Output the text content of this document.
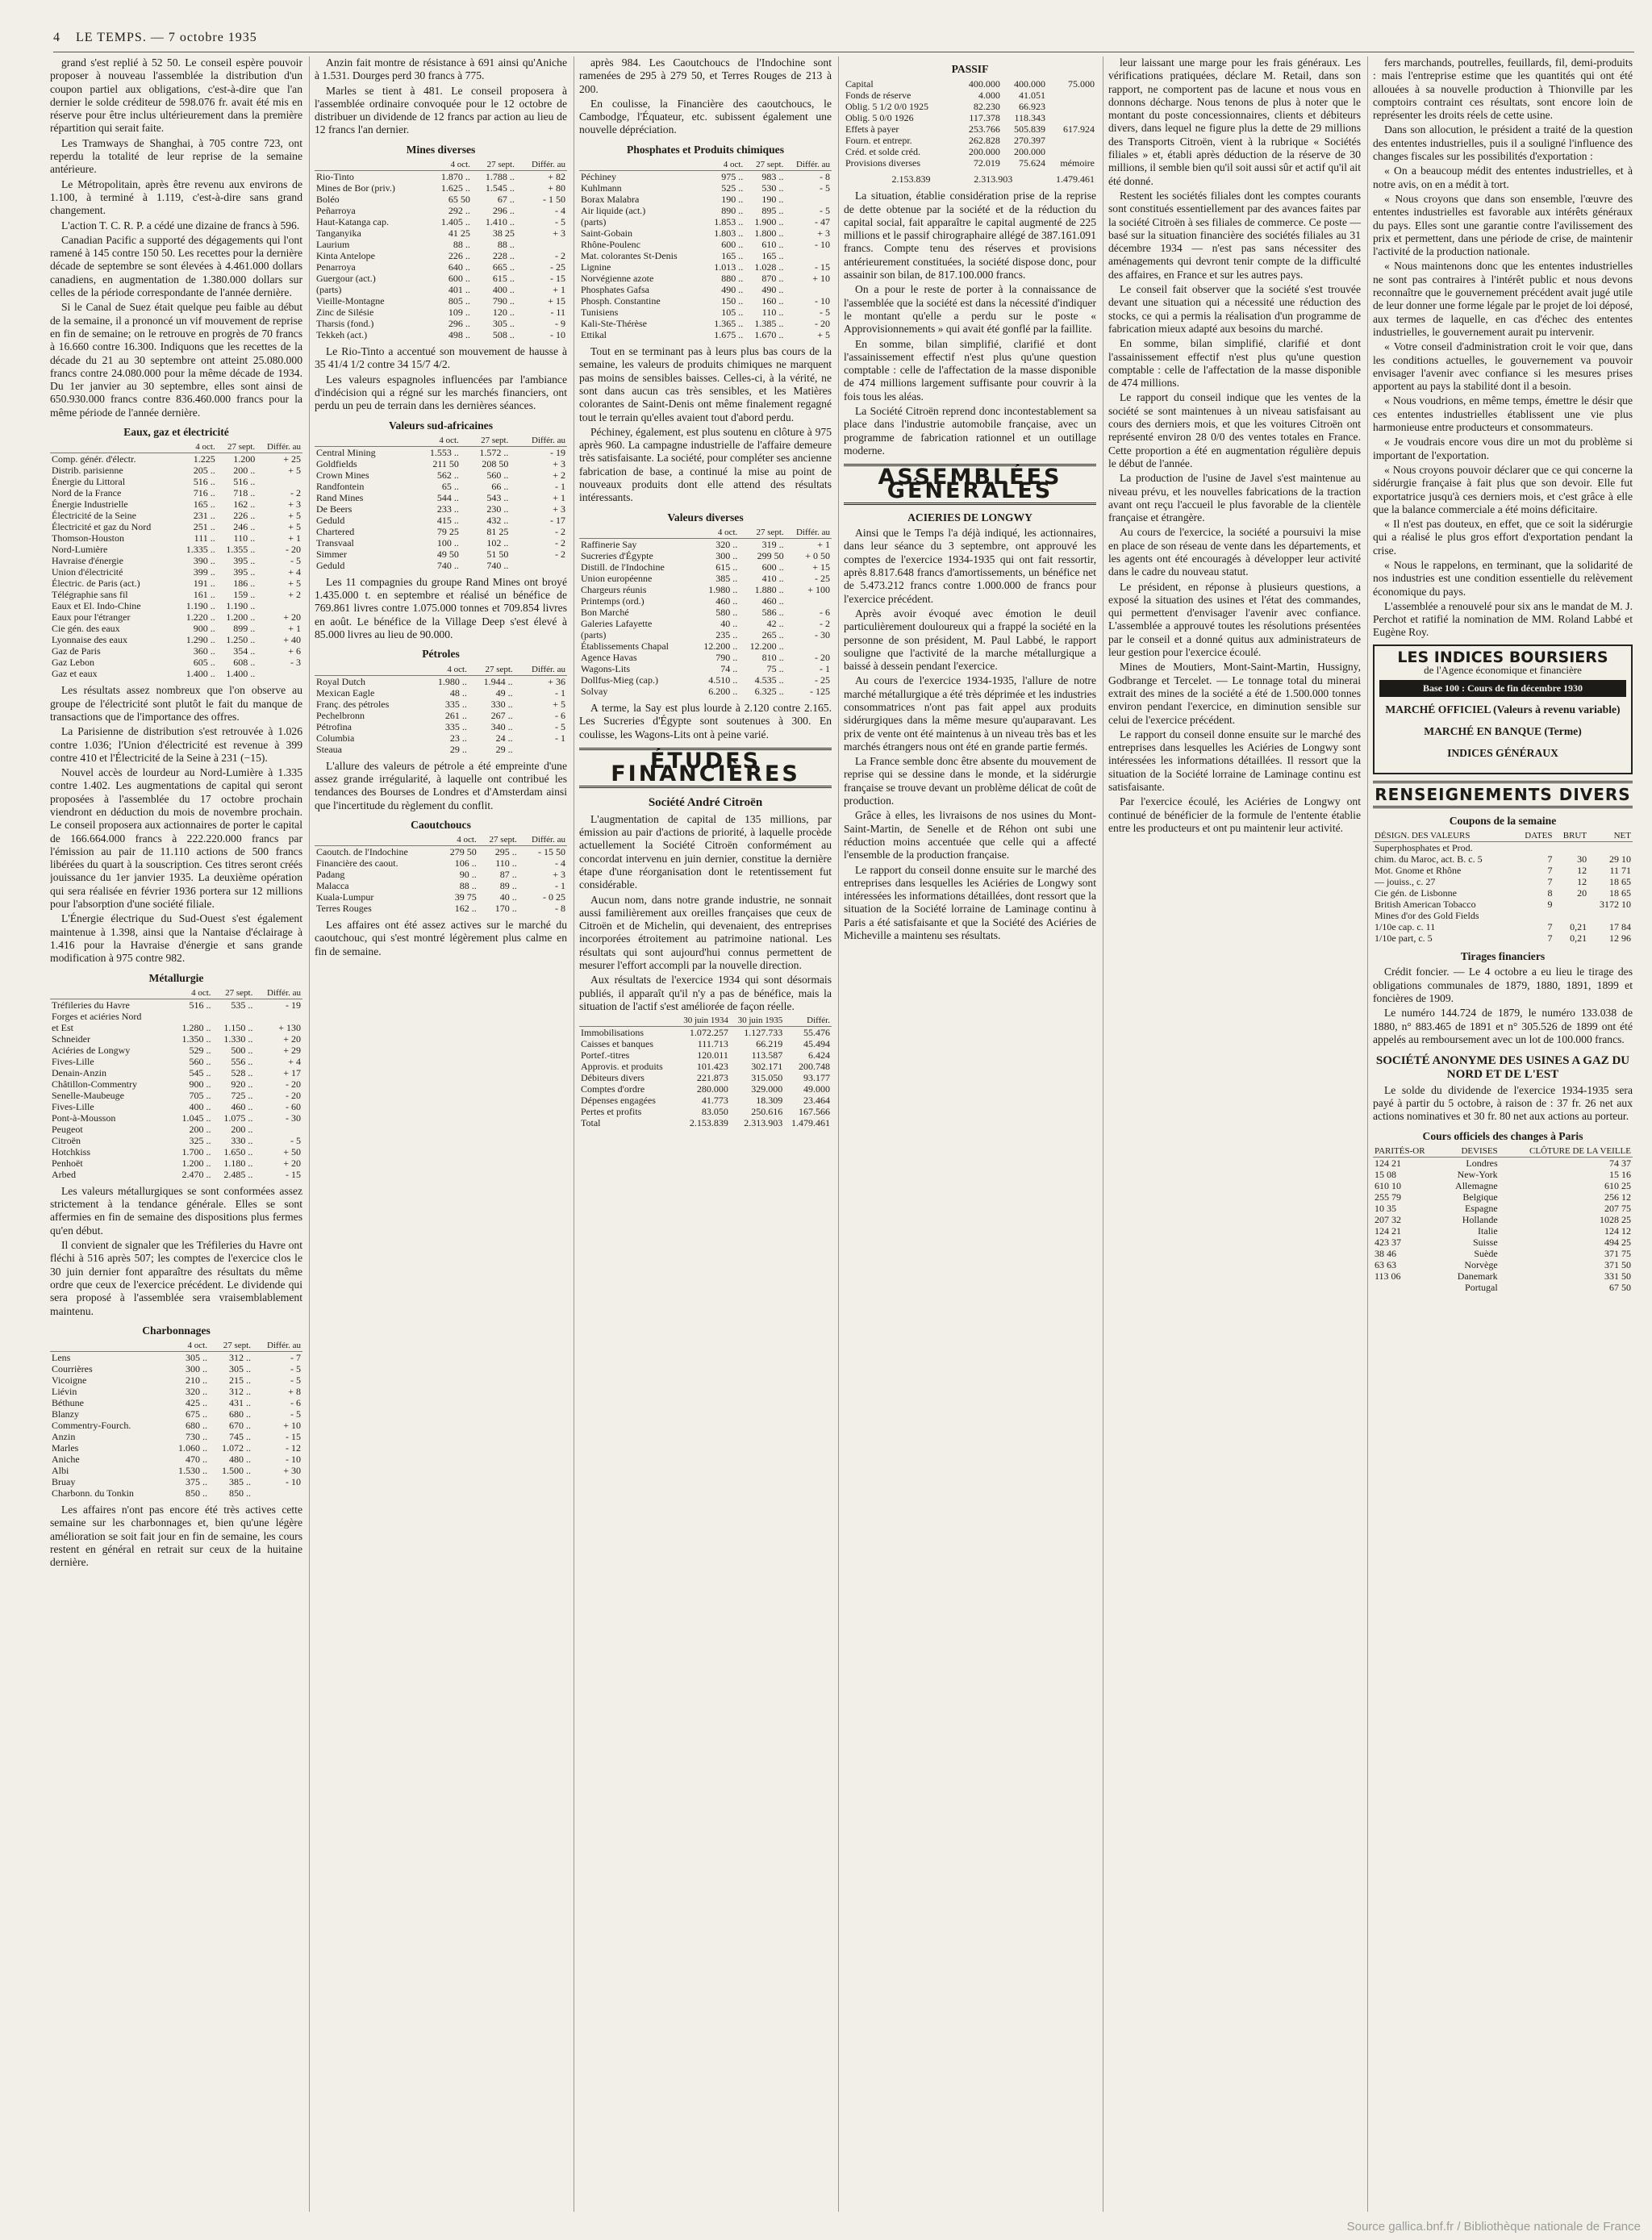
4 LE TEMPS. — 7 octobre 1935

grand s'est replié à 52 50. Le conseil espère pouvoir proposer à nouveau l'assemblée la distribution d'un coupon partiel aux obligations, c'est-à-dire que l'an dernier le solde créditeur de 598.076 fr. avait été mis en réserve pour être inclus ultérieurement dans la première répartition qui serait faite.

Les Tramways de Shanghai, à 705 contre 723, ont reperdu la totalité de leur reprise de la semaine antérieure.

Le Métropolitain, après être revenu aux environs de 1.100, à terminé à 1.119, c'est-à-dire sans grand changement.

L'action T. C. R. P. a cédé une dizaine de francs à 596.

Canadian Pacific a supporté des dégagements qui l'ont ramené à 145 contre 150 50. Les recettes pour la dernière décade de septembre se sont élevées à 4.461.000 dollars canadiens, en augmentation de 1.380.000 dollars sur celles de la période correspondante de l'année dernière.

Si le Canal de Suez était quelque peu faible au début de la semaine, il a prononcé un vif mouvement de reprise en fin de semaine; on le retrouve en progrès de 70 francs à 16.660 contre 16.300. Indiquons que les recettes de la décade du 21 au 30 septembre ont atteint 25.080.000 francs contre 24.080.000 pour la même décade de 1934. Du 1er janvier au 30 septembre, elles sont ainsi de 650.930.000 francs contre 836.460.000 francs pour la même période de l'année dernière.

Eaux, gaz et électricité
	4 oct.	27 sept.	Différ. au
Comp. génér. d'électr.	1.225	1.200	+ 25
Distrib. parisienne	205 ..	200 ..	+ 5
Énergie du Littoral	516 ..	516 ..	
Nord de la France	716 ..	718 ..	- 2
Énergie Industrielle	165 ..	162 ..	+ 3
Électricité de la Seine	231 ..	226 ..	+ 5
Électricité et gaz du Nord	251 ..	246 ..	+ 5
Thomson-Houston	111 ..	110 ..	+ 1
Nord-Lumière	1.335 ..	1.355 ..	- 20
Havraise d'énergie	390 ..	395 ..	- 5
Union d'électricité	399 ..	395 ..	+ 4
Électric. de Paris (act.)	191 ..	186 ..	+ 5
Télégraphie sans fil	161 ..	159 ..	+ 2
Eaux et El. Indo-Chine	1.190 ..	1.190 ..	
Eaux pour l'étranger	1.220 ..	1.200 ..	+ 20
Cie gén. des eaux	900 ..	899 ..	+ 1
Lyonnaise des eaux	1.290 ..	1.250 ..	+ 40
Gaz de Paris	360 ..	354 ..	+ 6
Gaz Lebon	605 ..	608 ..	- 3
Gaz et eaux	1.400 ..	1.400 ..	

Les résultats assez nombreux que l'on observe au groupe de l'électricité sont plutôt le fait du manque de transactions que de l'importance des offres.

La Parisienne de distribution s'est retrouvée à 1.026 contre 1.036; l'Union d'électricité est revenue à 399 contre 410 et l'Électricité de la Seine à 231 (−15).

Nouvel accès de lourdeur au Nord-Lumière à 1.335 contre 1.402. Les augmentations de capital qui seront proposées à l'assemblée du 17 octobre prochain viendront en déduction du mois de novembre prochain. Le conseil proposera aux actionnaires de porter le capital de 166.664.000 francs à 222.220.000 francs par l'émission au pair de 11.110 actions de 500 francs libérées du quart à la souscription. Ces titres seront créés jouissance du 1er janvier 1935. La deuxième opération qui sera réalisée en février 1936 portera sur 12 millions pour l'absorption d'une société filiale.

L'Énergie électrique du Sud-Ouest s'est également maintenue à 1.398, ainsi que la Nantaise d'éclairage à 1.416 pour la Havraise d'énergie et sans grande modification à 975 contre 982.

Métallurgie
	4 oct.	27 sept.	Différ. au
Tréfileries du Havre	516 ..	535 ..	- 19
Forges et aciéries Nord			
et Est	1.280 ..	1.150 ..	+ 130
Schneider	1.350 ..	1.330 ..	+ 20
Aciéries de Longwy	529 ..	500 ..	+ 29
Fives-Lille	560 ..	556 ..	+ 4
Denain-Anzin	545 ..	528 ..	+ 17
Châtillon-Commentry	900 ..	920 ..	- 20
Senelle-Maubeuge	705 ..	725 ..	- 20
Fives-Lille	400 ..	460 ..	- 60
Pont-à-Mousson	1.045 ..	1.075 ..	- 30
Peugeot	200 ..	200 ..	
Citroën	325 ..	330 ..	- 5
Hotchkiss	1.700 ..	1.650 ..	+ 50
Penhoët	1.200 ..	1.180 ..	+ 20
Arbed	2.470 ..	2.485 ..	- 15

Les valeurs métallurgiques se sont conformées assez strictement à la tendance générale. Elles se sont affermies en fin de semaine des dispositions plus fermes qu'en début.

Il convient de signaler que les Tréfileries du Havre ont fléchi à 516 après 507; les comptes de l'exercice clos le 30 juin dernier font apparaître des résultats du même ordre que ceux de l'exercice précédent. Le dividende qui sera proposé à l'assemblée sera vraisemblablement maintenu.

Charbonnages
	4 oct.	27 sept.	Différ. au
Lens	305 ..	312 ..	- 7
Courrières	300 ..	305 ..	- 5
Vicoigne	210 ..	215 ..	- 5
Liévin	320 ..	312 ..	+ 8
Béthune	425 ..	431 ..	- 6
Blanzy	675 ..	680 ..	- 5
Commentry-Fourch.	680 ..	670 ..	+ 10
Anzin	730 ..	745 ..	- 15
Marles	1.060 ..	1.072 ..	- 12
Aniche	470 ..	480 ..	- 10
Albi	1.530 ..	1.500 ..	+ 30
Bruay	375 ..	385 ..	- 10
Charbonn. du Tonkin	850 ..	850 ..	

Les affaires n'ont pas encore été très actives cette semaine sur les charbonnages et, bien qu'une légère amélioration se soit fait jour en fin de semaine, les cours restent en général en retrait sur ceux de la huitaine dernière.

Anzin fait montre de résistance à 691 ainsi qu'Aniche à 1.531. Dourges perd 30 francs à 775.

Marles se tient à 481. Le conseil proposera à l'assemblée ordinaire convoquée pour le 12 octobre de distribuer un dividende de 12 francs par action au lieu de 12 francs l'an dernier.

Mines diverses
	4 oct.	27 sept.	Différ. au
Rio-Tinto	1.870 ..	1.788 ..	+ 82
Mines de Bor (priv.)	1.625 ..	1.545 ..	+ 80
Boléo	65 50	67 ..	- 1 50
Peñarroya	292 ..	296 ..	- 4
Haut-Katanga cap.	1.405 ..	1.410 ..	- 5
Tanganyika	41 25	38 25	+ 3
Laurium	88 ..	88 ..	
Kinta Antelope	226 ..	228 ..	- 2
Penarroya	640 ..	665 ..	- 25
Guergour (act.)	600 ..	615 ..	- 15
(parts)	401 ..	400 ..	+ 1
Vieille-Montagne	805 ..	790 ..	+ 15
Zinc de Silésie	109 ..	120 ..	- 11
Tharsis (fond.)	296 ..	305 ..	- 9
Tekkeh (act.)	498 ..	508 ..	- 10

Le Rio-Tinto a accentué son mouvement de hausse à 35 41/4 1/2 contre 34 15/7 4/2.

Les valeurs espagnoles influencées par l'ambiance d'indécision qui a régné sur les marchés financiers, ont perdu un peu de terrain dans les dernières séances.

Valeurs sud-africaines
	4 oct.	27 sept.	Différ. au
Central Mining	1.553 ..	1.572 ..	- 19
Goldfields	211 50	208 50	+ 3
Crown Mines	562 ..	560 ..	+ 2
Randfontein	65 ..	66 ..	- 1
Rand Mines	544 ..	543 ..	+ 1
De Beers	233 ..	230 ..	+ 3
Geduld	415 ..	432 ..	- 17
Chartered	79 25	81 25	- 2
Transvaal	100 ..	102 ..	- 2
Simmer	49 50	51 50	- 2
Geduld	740 ..	740 ..	

Les 11 compagnies du groupe Rand Mines ont broyé 1.435.000 t. en septembre et réalisé un bénéfice de 769.861 livres contre 1.075.000 tonnes et 709.854 livres en août. Le bénéfice de la Village Deep s'est élevé à 85.000 livres au lieu de 90.000.

Pétroles
	4 oct.	27 sept.	Différ. au
Royal Dutch	1.980 ..	1.944 ..	+ 36
Mexican Eagle	48 ..	49 ..	- 1
Franç. des pétroles	335 ..	330 ..	+ 5
Pechelbronn	261 ..	267 ..	- 6
Pétrofina	335 ..	340 ..	- 5
Columbia	23 ..	24 ..	- 1
Steaua	29 ..	29 ..	

L'allure des valeurs de pétrole a été empreinte d'une assez grande irrégularité, à laquelle ont contribué les tendances des Bourses de Londres et d'Amsterdam ainsi que l'incertitude du règlement du conflit.

Caoutchoucs
	4 oct.	27 sept.	Différ. au
Caoutch. de l'Indochine	279 50	295 ..	- 15 50
Financière des caout.	106 ..	110 ..	- 4
Padang	90 ..	87 ..	+ 3
Malacca	88 ..	89 ..	- 1
Kuala-Lumpur	39 75	40 ..	- 0 25
Terres Rouges	162 ..	170 ..	- 8

Les affaires ont été assez actives sur le marché du caoutchouc, qui s'est montré légèrement plus calme en fin de semaine.

après 984. Les Caoutchoucs de l'Indochine sont ramenées de 295 à 279 50, et Terres Rouges de 213 à 200.

En coulisse, la Financière des caoutchoucs, le Cambodge, l'Équateur, etc. subissent également une nouvelle dépréciation.

Phosphates et Produits chimiques
	4 oct.	27 sept.	Différ. au
Péchiney	975 ..	983 ..	- 8
Kuhlmann	525 ..	530 ..	- 5
Borax Malabra	190 ..	190 ..	
Air liquide (act.)	890 ..	895 ..	- 5
(parts)	1.853 ..	1.900 ..	- 47
Saint-Gobain	1.803 ..	1.800 ..	+ 3
Rhône-Poulenc	600 ..	610 ..	- 10
Mat. colorantes St-Denis	165 ..	165 ..	
Lignine	1.013 ..	1.028 ..	- 15
Norvégienne azote	880 ..	870 ..	+ 10
Phosphates Gafsa	490 ..	490 ..	
Phosph. Constantine	150 ..	160 ..	- 10
Tunisiens	105 ..	110 ..	- 5
Kali-Ste-Thérèse	1.365 ..	1.385 ..	- 20
Ettikal	1.675 ..	1.670 ..	+ 5

Tout en se terminant pas à leurs plus bas cours de la semaine, les valeurs de produits chimiques ne marquent pas moins de sensibles baisses. Celles-ci, à la vérité, ne sont dans aucun cas très sensibles, et les Matières colorantes de Saint-Denis ont même finalement regagné tout le terrain qu'elles avaient tout d'abord perdu.

Péchiney, également, est plus soutenu en clôture à 975 après 960. La campagne industrielle de l'affaire demeure très satisfaisante. La société, pour compléter ses ancienne fabrication de base, a continué la mise au point de nouveaux produits dont elle attend des résultats intéressants.

Valeurs diverses
	4 oct.	27 sept.	Différ. au
Raffinerie Say	320 ..	319 ..	+ 1
Sucreries d'Égypte	300 ..	299 50	+ 0 50
Distill. de l'Indochine	615 ..	600 ..	+ 15
Union européenne	385 ..	410 ..	- 25
Chargeurs réunis	1.980 ..	1.880 ..	+ 100
Printemps (ord.)	460 ..	460 ..	
Bon Marché	580 ..	586 ..	- 6
Galeries Lafayette	40 ..	42 ..	- 2
(parts)	235 ..	265 ..	- 30
Établissements Chapal	12.200 ..	12.200 ..	
Agence Havas	790 ..	810 ..	- 20
Wagons-Lits	74 ..	75 ..	- 1
Dollfus-Mieg (cap.)	4.510 ..	4.535 ..	- 25
Solvay	6.200 ..	6.325 ..	- 125

A terme, la Say est plus lourde à 2.120 contre 2.165. Les Sucreries d'Égypte sont soutenues à 300. En coulisse, les Wagons-Lits ont à peine varié.

ÉTUDES FINANCIÈRES
Société André Citroën

L'augmentation de capital de 135 millions, par émission au pair d'actions de priorité, à laquelle procède actuellement la Société Citroën conformément au concordat intervenu en juin dernier, constitue la dernière étape d'une réorganisation dont le retentissement fut considérable.

Aucun nom, dans notre grande industrie, ne sonnait aussi familièrement aux oreilles françaises que ceux de Citroën et de Michelin, qui devenaient, des entreprises incorporées étroitement au patrimoine national. Les résultats qui sont aujourd'hui connus permettent de mesurer l'effort accompli par la nouvelle direction.

Aux résultats de l'exercice 1934 qui sont désormais publiés, il apparaît qu'il n'y a pas de bénéfice, mais la situation de l'actif s'est améliorée de façon réelle.

	30 juin 1934	30 juin 1935	Différ.
Immobilisations	1.072.257	1.127.733	55.476
Caisses et banques	111.713	66.219	45.494
Portef.-titres	120.011	113.587	6.424
Approvis. et produits	101.423	302.171	200.748
Débiteurs divers	221.873	315.050	93.177
Comptes d'ordre	280.000	329.000	49.000
Dépenses engagées	41.773	18.309	23.464
Pertes et profits	83.050	250.616	167.566
Total	2.153.839	2.313.903	1.479.461
PASSIF
Capital	400.000	400.000	75.000
Fonds de réserve	4.000	41.051	
Oblig. 5 1/2 0/0 1925	82.230	66.923	
Oblig. 5 0/0 1926	117.378	118.343	
Effets à payer	253.766	505.839	617.924
Fourn. et entrepr.	262.828	270.397	
Créd. et solde créd.	200.000	200.000	
Provisions diverses	72.019	75.624	mémoire
	2.153.839	2.313.903	1.479.461

La situation, établie considération prise de la reprise de dette obtenue par la société et de la réduction du capital social, fait apparaître le capital augmenté de 225 millions et le passif chirographaire allégé de 387.161.091 francs. Compte tenu des réserves et provisions antérieurement constituées, la société dispose donc, pour assainir son bilan, de 817.100.000 francs.

On a pour le reste de porter à la connaissance de l'assemblée que la société est dans la nécessité d'indiquer le montant qu'elle a perdu sur le poste « Approvisionnements » qui avait été gonflé par la faillite.

En somme, bilan simplifié, clarifié et dont l'assainissement effectif n'est plus qu'une question comptable : celle de l'affectation de la masse disponible de 474 millions largement suffisante pour couvrir à la fois tous les aléas.

La Société Citroën reprend donc incontestablement sa place dans l'industrie automobile française, avec un programme de fabrication rationnel et un outillage moderne.

ASSEMBLÉES GÉNÉRALES
ACIERIES DE LONGWY

Ainsi que le Temps l'a déjà indiqué, les actionnaires, dans leur séance du 3 septembre, ont approuvé les comptes de l'exercice 1934-1935 qui ont fait ressortir, après 8.817.648 francs d'amortissements, un bénéfice net de 5.473.212 francs contre 1.000.000 de francs pour l'exercice précédent.

Après avoir évoqué avec émotion le deuil particulièrement douloureux qui a frappé la société en la personne de son président, M. Paul Labbé, le rapport souligne que l'activité de la marche métallurgique a baissé à dessein pendant l'exercice.

Au cours de l'exercice 1934-1935, l'allure de notre marché métallurgique a été très déprimée et les industries consommatrices n'ont pas fait appel aux produits sidérurgiques dans la même mesure qu'auparavant. Les prix de vente ont été maintenus à un niveau très bas et les marchés étrangers nous ont été en grande partie fermés.

La France semble donc être absente du mouvement de reprise qui se dessine dans le monde, et la sidérurgie française se trouve devant un problème délicat de coût de production.

Grâce à elles, les livraisons de nos usines du Mont-Saint-Martin, de Senelle et de Réhon ont subi une réduction moins accentuée que celle qui a affecté l'ensemble de la production française.

Le rapport du conseil donne ensuite sur le marché des entreprises dans lesquelles les Aciéries de Longwy sont intéressées les informations détaillées, dont ressort que la situation de la Société lorraine de Laminage continu à Paris a été satisfaisante et que la Société des Aciéries de Micheville a maintenu ses résultats.

leur laissant une marge pour les frais généraux. Les vérifications pratiquées, déclare M. Retail, dans son rapport, ne comportent pas de lacune et nous vous en donnons décharge. Nous tenons de plus à noter que le montant du poste concessionnaires, clients et débiteurs divers, dans lequel ne figure plus la dette de 29 millions des Transports Citroën, vient à la rubrique « Sociétés filiales » et, établi après déduction de la réserve de 30 millions, il semble bien qu'il soit aussi sûr et actif qu'il ait été donné.

Restent les sociétés filiales dont les comptes courants sont constitués essentiellement par des avances faites par la société Citroën à ses filiales de commerce. Ce poste — basé sur la situation financière des sociétés filiales au 31 décembre 1934 — n'est pas sans nécessiter des aménagements qui devront tenir compte de la difficulté des affaires, en France et sur les autres pays.

Le conseil fait observer que la société s'est trouvée devant une situation qui a nécessité une réduction des stocks, ce qui a permis la réalisation d'un programme de fabrication mieux adapté aux besoins du marché.

En somme, bilan simplifié, clarifié et dont l'assainissement effectif n'est plus qu'une question comptable : celle de l'affectation de la masse disponible de 474 millions.

Le rapport du conseil indique que les ventes de la société se sont maintenues à un niveau satisfaisant au cours des derniers mois, et que les voitures Citroën ont représenté environ 28 0/0 des ventes totales en France. Cette proportion a été en augmentation régulière depuis le début de l'année.

La production de l'usine de Javel s'est maintenue au niveau prévu, et les nouvelles fabrications de la traction avant ont reçu l'accueil le plus favorable de la clientèle française et étrangère.

Au cours de l'exercice, la société a poursuivi la mise en place de son réseau de vente dans les départements, et les agents ont été encouragés à développer leur activité dans le cadre du nouveau statut.

Le président, en réponse à plusieurs questions, a exposé la situation des usines et l'état des commandes, qui permettent d'envisager l'avenir avec confiance. L'assemblée a approuvé toutes les résolutions présentées par le conseil et a donné quitus aux administrateurs de leur gestion pour l'exercice écoulé.

Mines de Moutiers, Mont-Saint-Martin, Hussigny, Godbrange et Tercelet. — Le tonnage total du minerai extrait des mines de la société a été de 1.500.000 tonnes environ pendant l'exercice, en diminution sensible sur celui de l'exercice précédent.

Le rapport du conseil donne ensuite sur le marché des entreprises dans lesquelles les Aciéries de Longwy sont intéressées les informations détaillées. Il ressort que la situation de la Société lorraine de Laminage continu est satisfaisante.

Par l'exercice écoulé, les Aciéries de Longwy ont continué de bénéficier de la formule de l'entente établie entre les producteurs et ont pu maintenir leur activité.

fers marchands, poutrelles, feuillards, fil, demi-produits : mais l'entreprise estime que les quantités qui ont été allouées à sa nouvelle production à Thionville par les comptoirs contraint ces résultats, sont encore loin de représenter les droits réels de cette usine.

Dans son allocution, le président a traité de la question des ententes industrielles, puis il a souligné l'influence des changes fiscales sur les possibilités d'exportation :

« On a beaucoup médit des ententes industrielles, et à notre avis, on en a médit à tort.

« Nous croyons que dans son ensemble, l'œuvre des ententes industrielles est favorable aux intérêts généraux du pays. Elles sont une garantie contre l'avilissement des prix et permettent, dans une période de crise, de maintenir l'activité de la production nationale.

« Nous maintenons donc que les ententes industrielles ne sont pas contraires à l'intérêt public et nous devons reconnaître que le gouvernement précédent avait jugé utile de leur donner une forme légale par le projet de loi déposé, aux termes de laquelle, en cas d'échec des ententes industrielles, le gouvernement aurait pu intervenir.

« Votre conseil d'administration croit le voir que, dans les conditions actuelles, le gouvernement va pouvoir envisager l'avenir avec confiance si les mesures prises apportent au pays la stabilité dont il a besoin.

« Nous voudrions, en même temps, émettre le désir que ces ententes industrielles établissent une vie plus harmonieuse entre producteurs et consommateurs.

« Je voudrais encore vous dire un mot du problème si important de l'exportation.

« Nous croyons pouvoir déclarer que ce qui concerne la sidérurgie française à fait plus que son devoir. Elle fut exportatrice jusqu'à ces derniers mois, et c'est grâce à elle que la balance commerciale a été moins déficitaire.

« Il n'est pas douteux, en effet, que ce soit la sidérurgie qui a réalisé le plus gros effort d'exportation pendant la crise.

« Nous le rappelons, en terminant, que la solidarité de nos industries est une condition essentielle du relèvement économique du pays.

L'assemblée a renouvelé pour six ans le mandat de M. J. Perchot et ratifié la nomination de MM. Roland Labbé et Eugène Roy.

LES INDICES BOURSIERS
de l'Agence économique et financière
Base 100 : Cours de fin décembre 1930
MARCHÉ OFFICIEL (Valeurs à revenu variable)
MARCHÉ EN BANQUE (Terme)
INDICES GÉNÉRAUX
RENSEIGNEMENTS DIVERS
Coupons de la semaine
DÉSIGN. DES VALEURS	DATES	BRUT	NET
Superphosphates et Prod.			
chim. du Maroc, act. B. c. 5	7	30	29 10
Mot. Gnome et Rhône	7	12	11 71
— jouiss., c. 27	7	12	18 65
Cie gén. de Lisbonne	8	20	18 65
British American Tobacco	9		3172 10
Mines d'or des Gold Fields			
1/10e cap. c. 11	7	0,21	17 84
1/10e part, c. 5	7	0,21	12 96
Tirages financiers

Crédit foncier. — Le 4 octobre a eu lieu le tirage des obligations communales de 1879, 1880, 1891, 1899 et foncières de 1909.

Le numéro 144.724 de 1879, le numéro 133.038 de 1880, n° 883.465 de 1891 et n° 305.526 de 1899 ont été appelés au remboursement avec un lot de 100.000 francs.

SOCIÉTÉ ANONYME DES USINES A GAZ DU NORD ET DE L'EST

Le solde du dividende de l'exercice 1934-1935 sera payé à partir du 5 octobre, à raison de : 37 fr. 26 net aux actions nominatives et 30 fr. 80 net aux actions au porteur.

Cours officiels des changes à Paris
PARITÉS-OR	DEVISES	CLÔTURE DE LA VEILLE
124 21	Londres	74 37
15 08	New-York	15 16
610 10	Allemagne	610 25
255 79	Belgique	256 12
10 35	Espagne	207 75
207 32	Hollande	1028 25
124 21	Italie	124 12
423 37	Suisse	494 25
38 46	Suède	371 75
63 63	Norvège	371 50
113 06	Danemark	331 50
	Portugal	67 50
Source gallica.bnf.fr / Bibliothèque nationale de France
